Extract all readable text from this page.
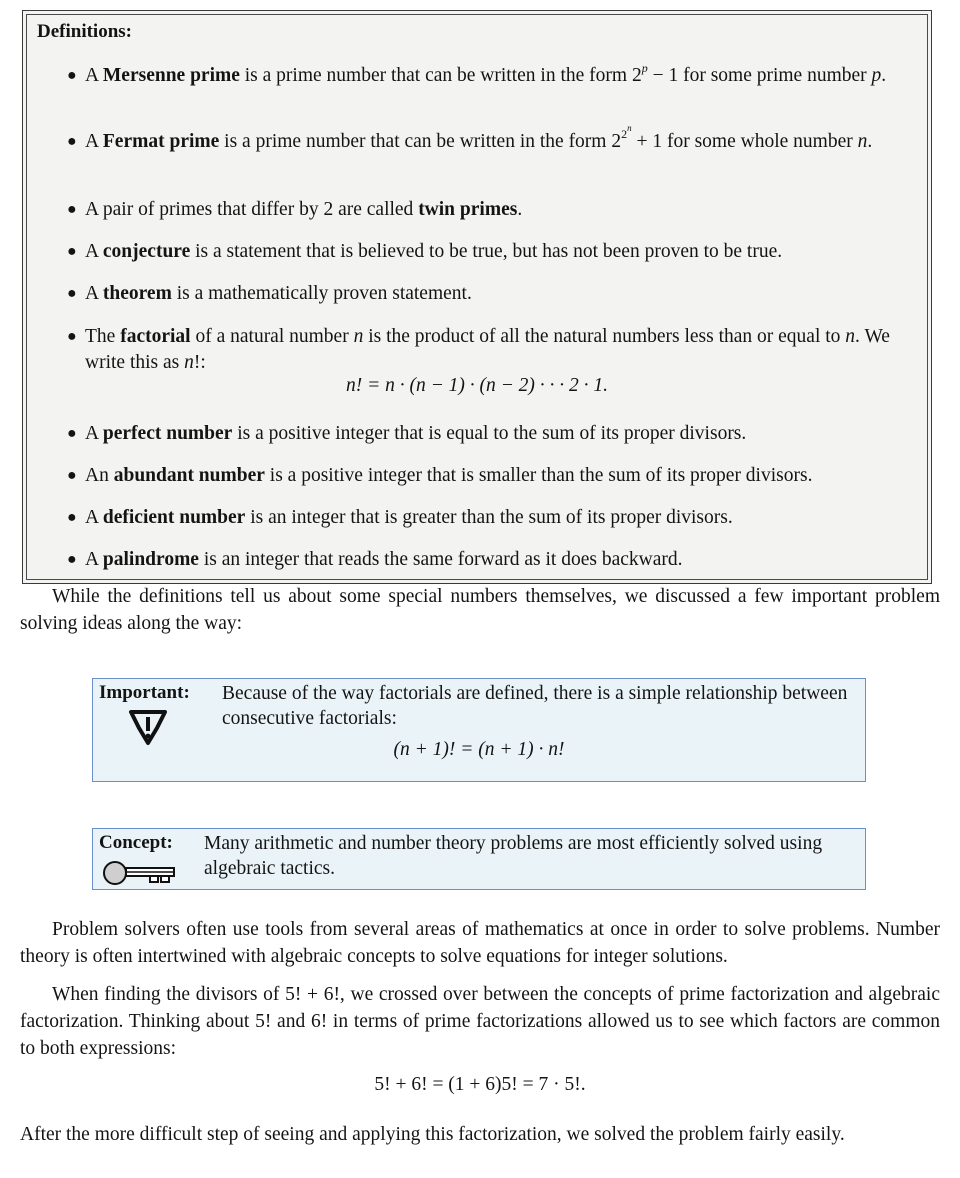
Definitions:
● A Mersenne prime is a prime number that can be written in the form $2^p - 1$ for some prime number p.
● A Fermat prime is a prime number that can be written in the form $2^{2^n} + 1$ for some whole number n.
● A pair of primes that differ by 2 are called twin primes.
● A conjecture is a statement that is believed to be true, but has not been proven to be true.
● A theorem is a mathematically proven statement.
● The factorial of a natural number n is the product of all the natural numbers less than or equal to n. We write this as n!:
n! = n · (n − 1) · (n − 2) · · · 2 · 1.
● A perfect number is a positive integer that is equal to the sum of its proper divisors.
● An abundant number is a positive integer that is smaller than the sum of its proper divisors.
● A deficient number is an integer that is greater than the sum of its proper divisors.
● A palindrome is an integer that reads the same forward as it does backward.

While the definitions tell us about some special numbers themselves, we discussed a few important problem solving ideas along the way:

Important: Because of the way factorials are defined, there is a simple relationship between consecutive factorials:
(n + 1)! = (n + 1) · n!
Concept: Many arithmetic and number theory problems are most efficiently solved using algebraic tactics.

Problem solvers often use tools from several areas of mathematics at once in order to solve problems. Number theory is often intertwined with algebraic concepts to solve equations for integer solutions.

When finding the divisors of 5! + 6!, we crossed over between the concepts of prime factorization and algebraic factorization. Thinking about 5! and 6! in terms of prime factorizations allowed us to see which factors are common to both expressions:

5! + 6! = (1 + 6)5! = 7 · 5!.

After the more difficult step of seeing and applying this factorization, we solved the problem fairly easily.
